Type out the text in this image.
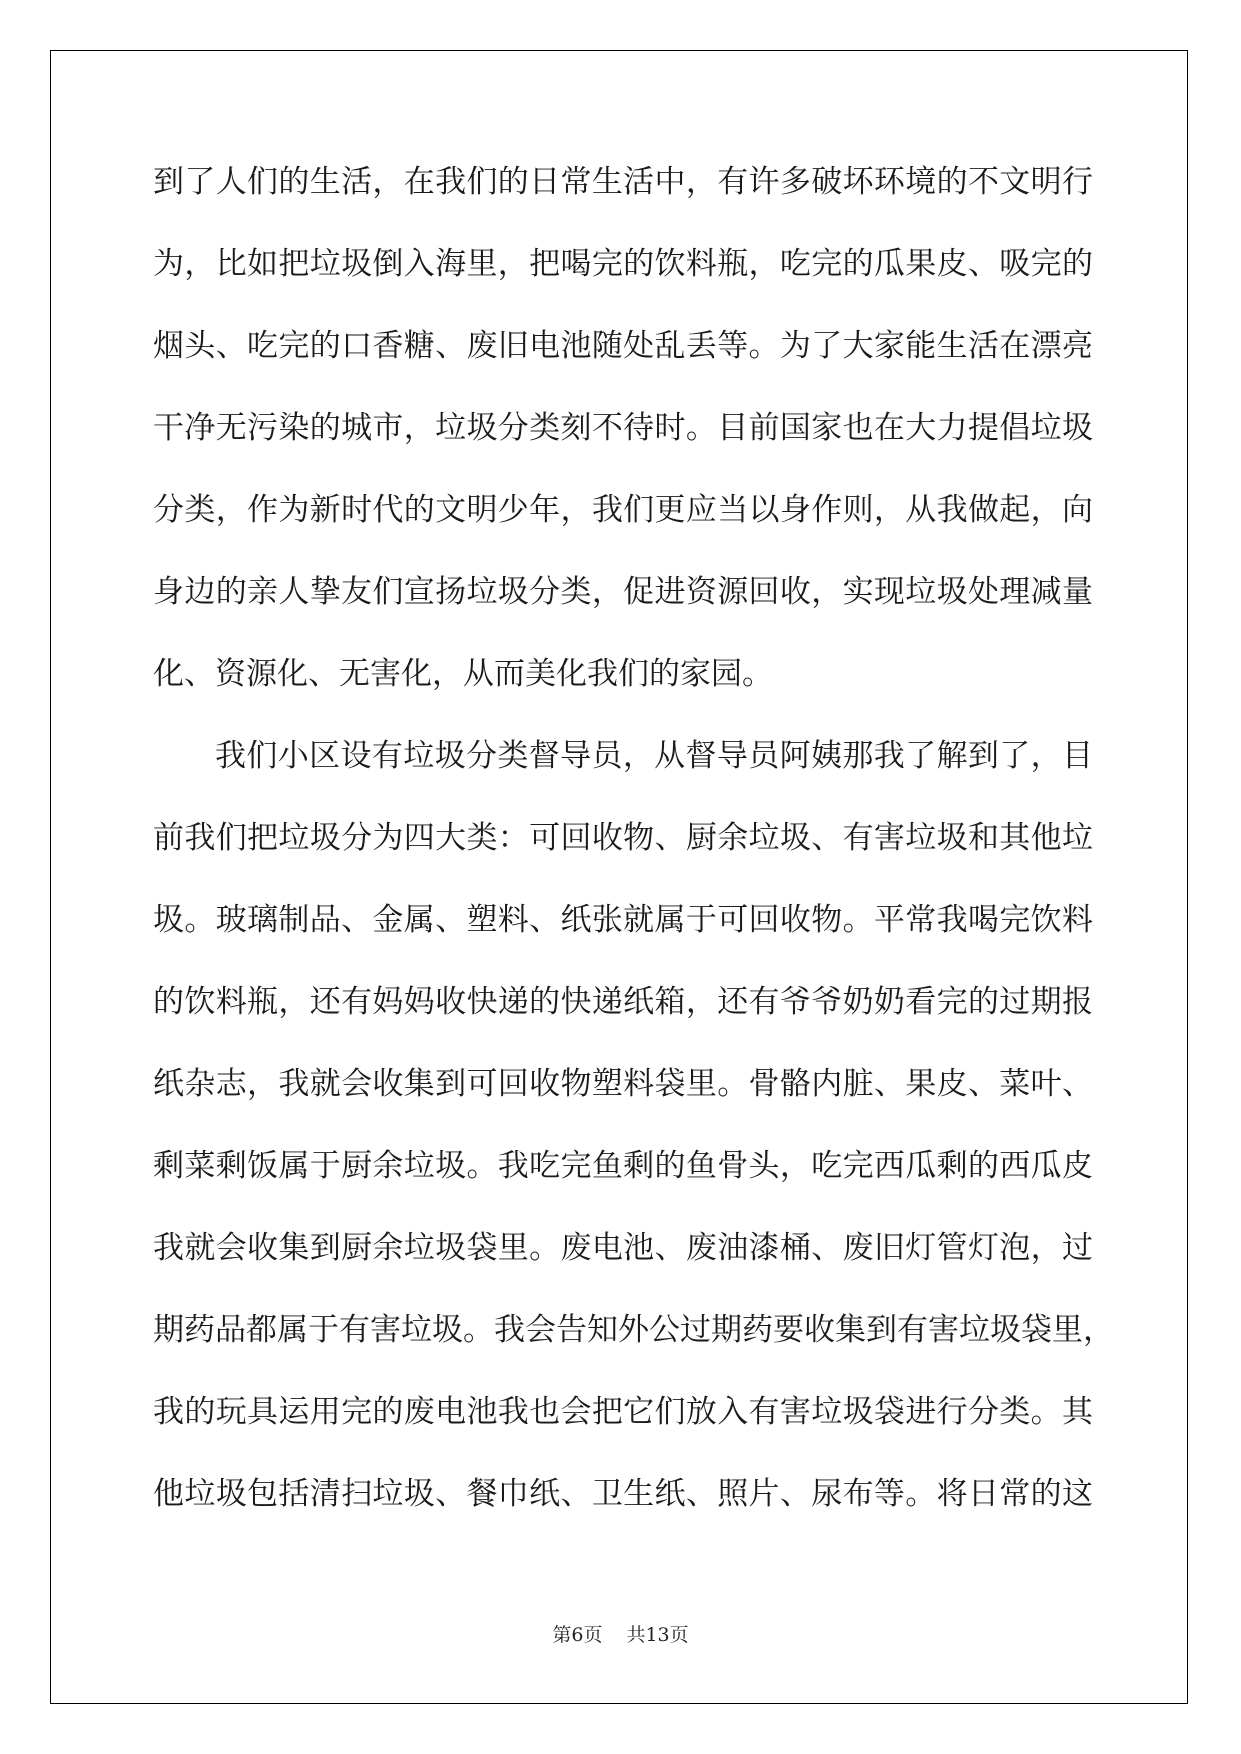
到了人们的生活，在我们的日常生活中，有许多破坏环境的不文明行
为，比如把垃圾倒入海里，把喝完的饮料瓶，吃完的瓜果皮、吸完的
烟头、吃完的口香糖、废旧电池随处乱丢等。为了大家能生活在漂亮
干净无污染的城市，垃圾分类刻不待时。目前国家也在大力提倡垃圾
分类，作为新时代的文明少年，我们更应当以身作则，从我做起，向
身边的亲人挚友们宣扬垃圾分类，促进资源回收，实现垃圾处理减量
化、资源化、无害化，从而美化我们的家园。
我们小区设有垃圾分类督导员，从督导员阿姨那我了解到了，目
前我们把垃圾分为四大类：可回收物、厨余垃圾、有害垃圾和其他垃
圾。玻璃制品、金属、塑料、纸张就属于可回收物。平常我喝完饮料
的饮料瓶，还有妈妈收快递的快递纸箱，还有爷爷奶奶看完的过期报
纸杂志，我就会收集到可回收物塑料袋里。骨骼内脏、果皮、菜叶、
剩菜剩饭属于厨余垃圾。我吃完鱼剩的鱼骨头，吃完西瓜剩的西瓜皮
我就会收集到厨余垃圾袋里。废电池、废油漆桶、废旧灯管灯泡，过
期药品都属于有害垃圾。我会告知外公过期药要收集到有害垃圾袋里，
我的玩具运用完的废电池我也会把它们放入有害垃圾袋进行分类。其
他垃圾包括清扫垃圾、餐巾纸、卫生纸、照片、尿布等。将日常的这
第6页 共13页
